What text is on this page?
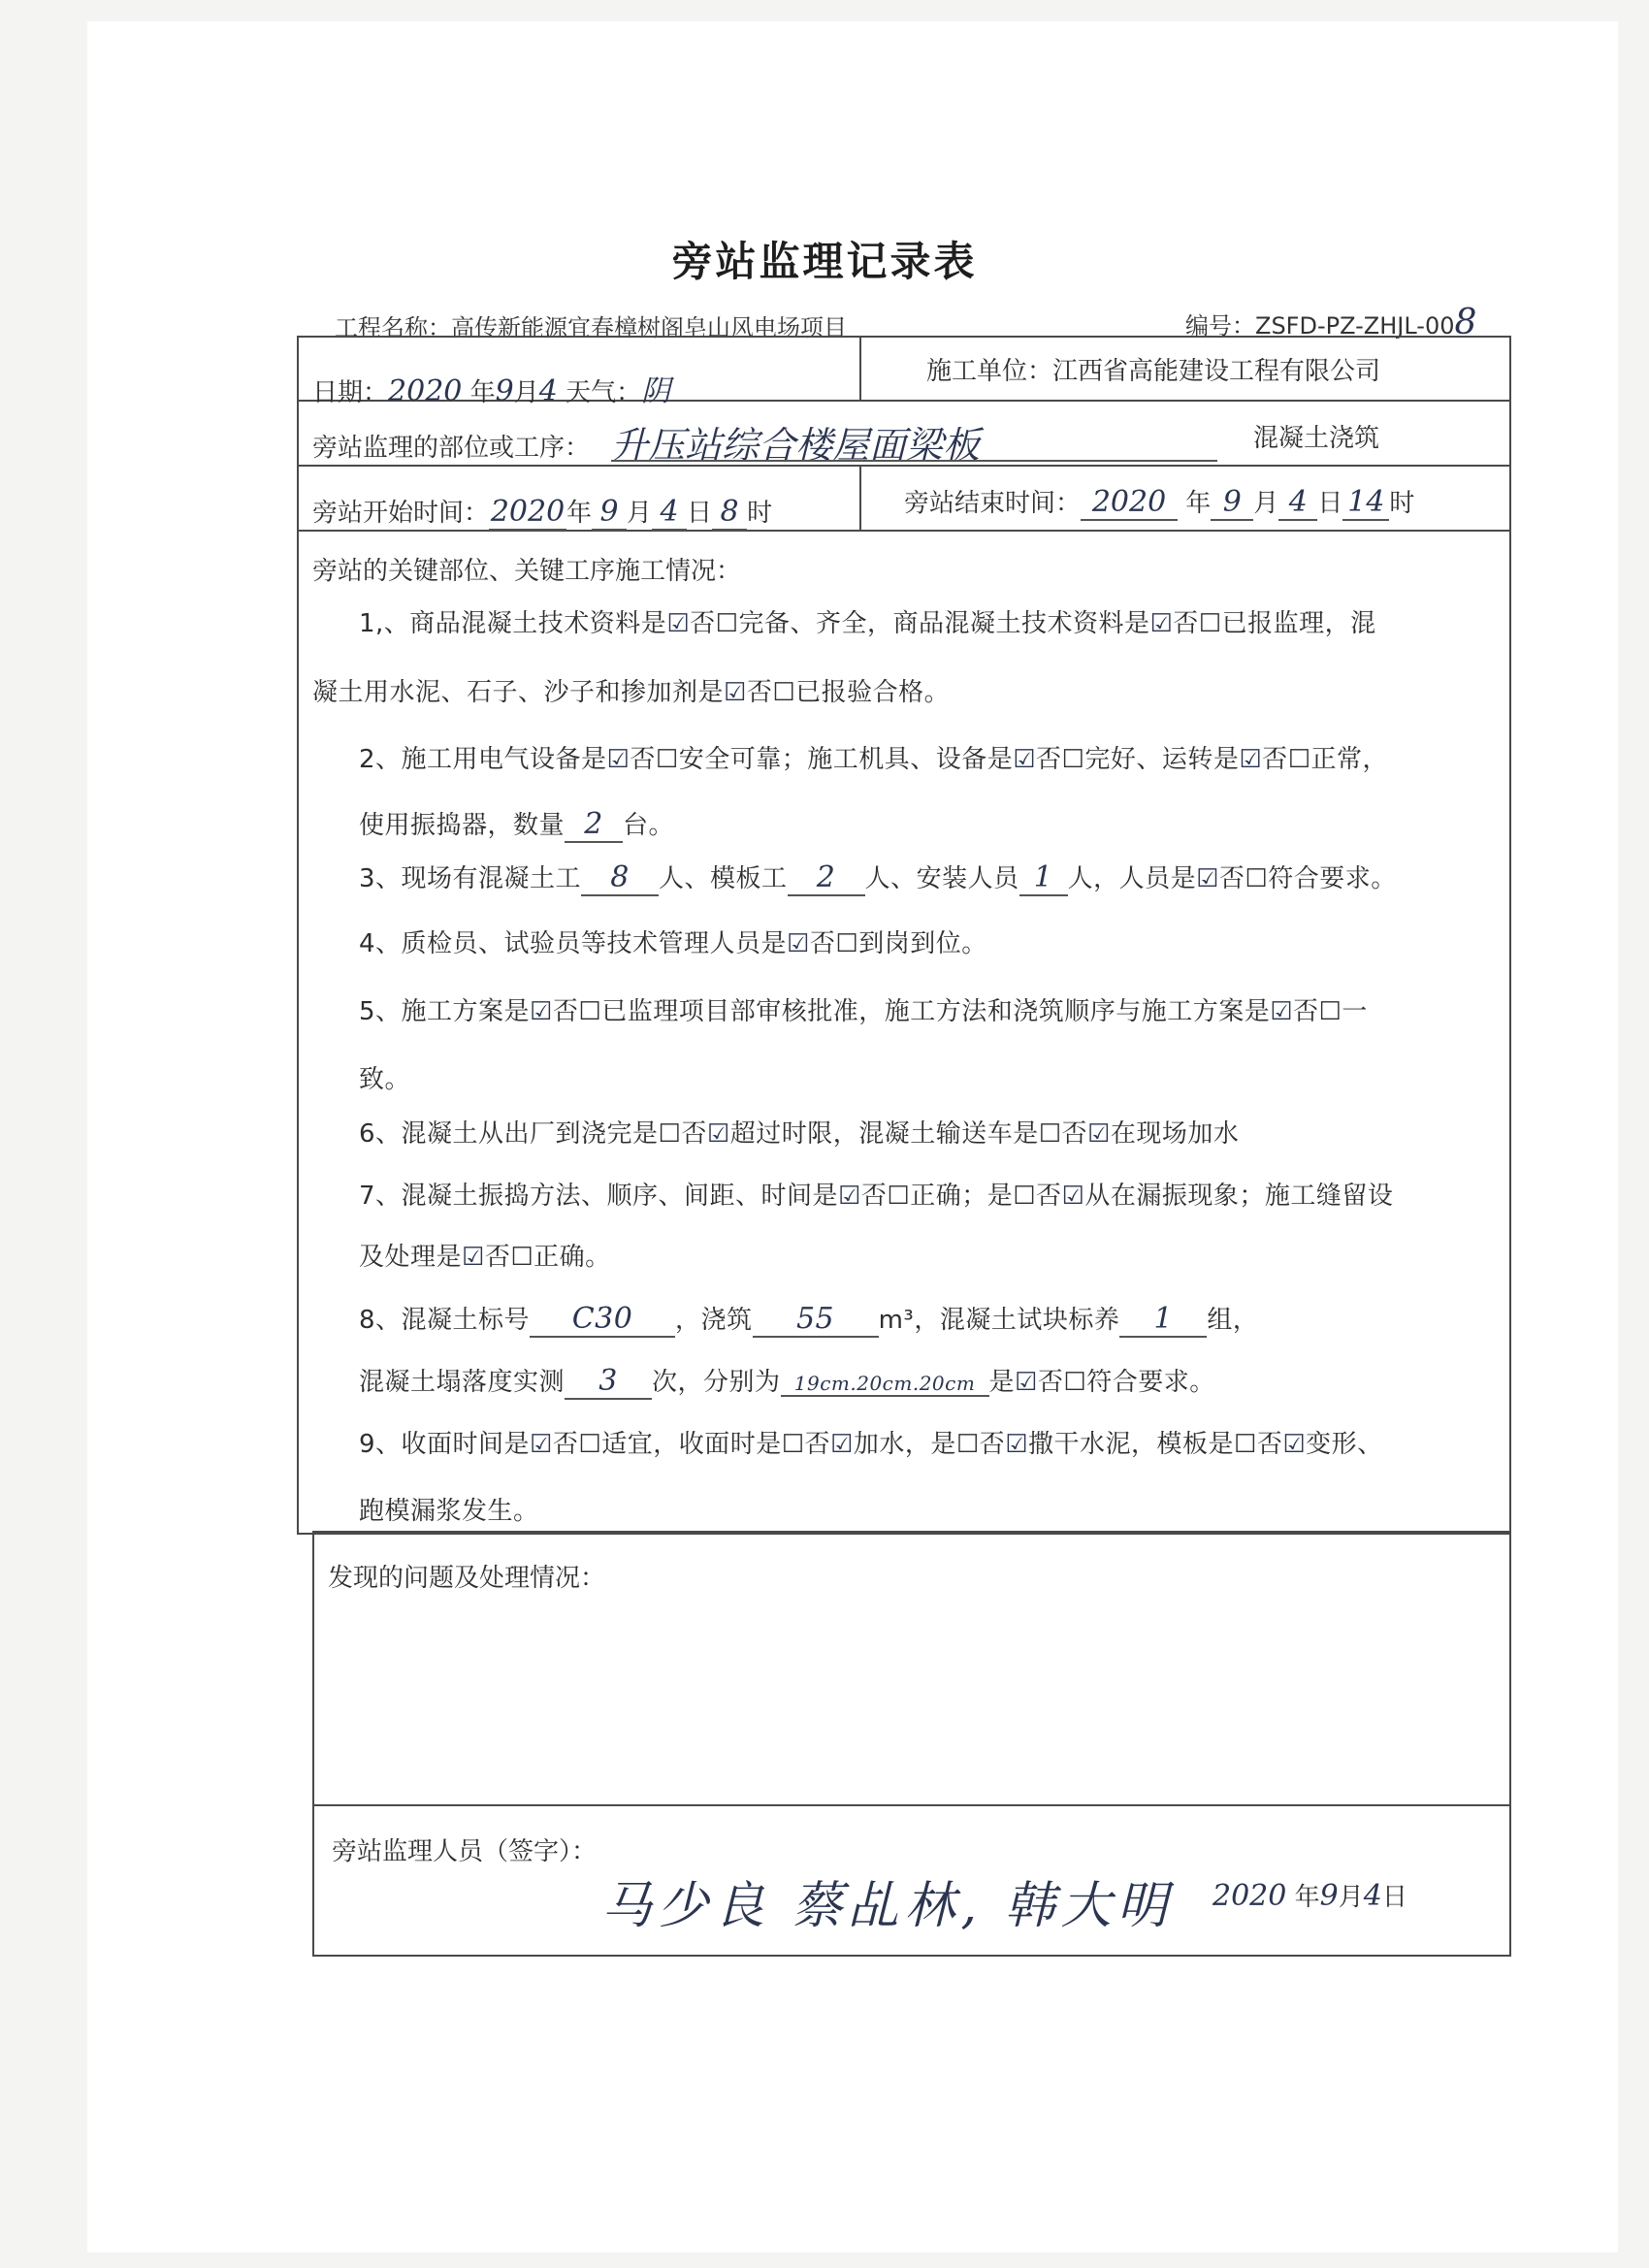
旁站监理记录表
工程名称：高传新能源宜春樟树阁皂山风电场项目	编号：ZSFD-PZ-ZHJL-008
日期：2020 年9月4 天气：阴
施工单位：江西省高能建设工程有限公司
旁站监理的部位或工序： 升压站综合楼屋面梁板	混凝土浇筑
旁站开始时间：2020年 9 月 4 日 8 时	旁站结束时间： 2020 年 9 月 4 日 14 时
旁站的关键部位、关键工序施工情况：
1,、商品混凝土技术资料是☑否☐完备、齐全，商品混凝土技术资料是☑否☐已报监理，混
凝土用水泥、石子、沙子和掺加剂是☑否☐已报验合格。
2、施工用电气设备是☑否☐安全可靠；施工机具、设备是☑否☐完好、运转是☑否☐正常，
使用振捣器，数量 2 台。
3、现场有混凝土工 8 人、模板工 2 人、安装人员 1 人，人员是☑否☐符合要求。
4、质检员、试验员等技术管理人员是☑否☐到岗到位。
5、施工方案是☑否☐已监理项目部审核批准，施工方法和浇筑顺序与施工方案是☑否☐一
致。
6、混凝土从出厂到浇完是☐否☑超过时限，混凝土输送车是☐否☑在现场加水
7、混凝土振捣方法、顺序、间距、时间是☑否☐正确；是☐否☑从在漏振现象；施工缝留设
及处理是☑否☐正确。
8、混凝土标号 C30 ，浇筑 55 m³，混凝土试块标养 1 组，
混凝土塌落度实测 3 次，分别为 19cm.20cm.20cm 是☑否☐符合要求。
9、收面时间是☑否☐适宜，收面时是☐否☑加水，是☐否☑撒干水泥，模板是☐否☑变形、
跑模漏浆发生。
发现的问题及处理情况：
旁站监理人员（签字）：
马少良 蔡乩林, 韩大明 2020 年9月4日
